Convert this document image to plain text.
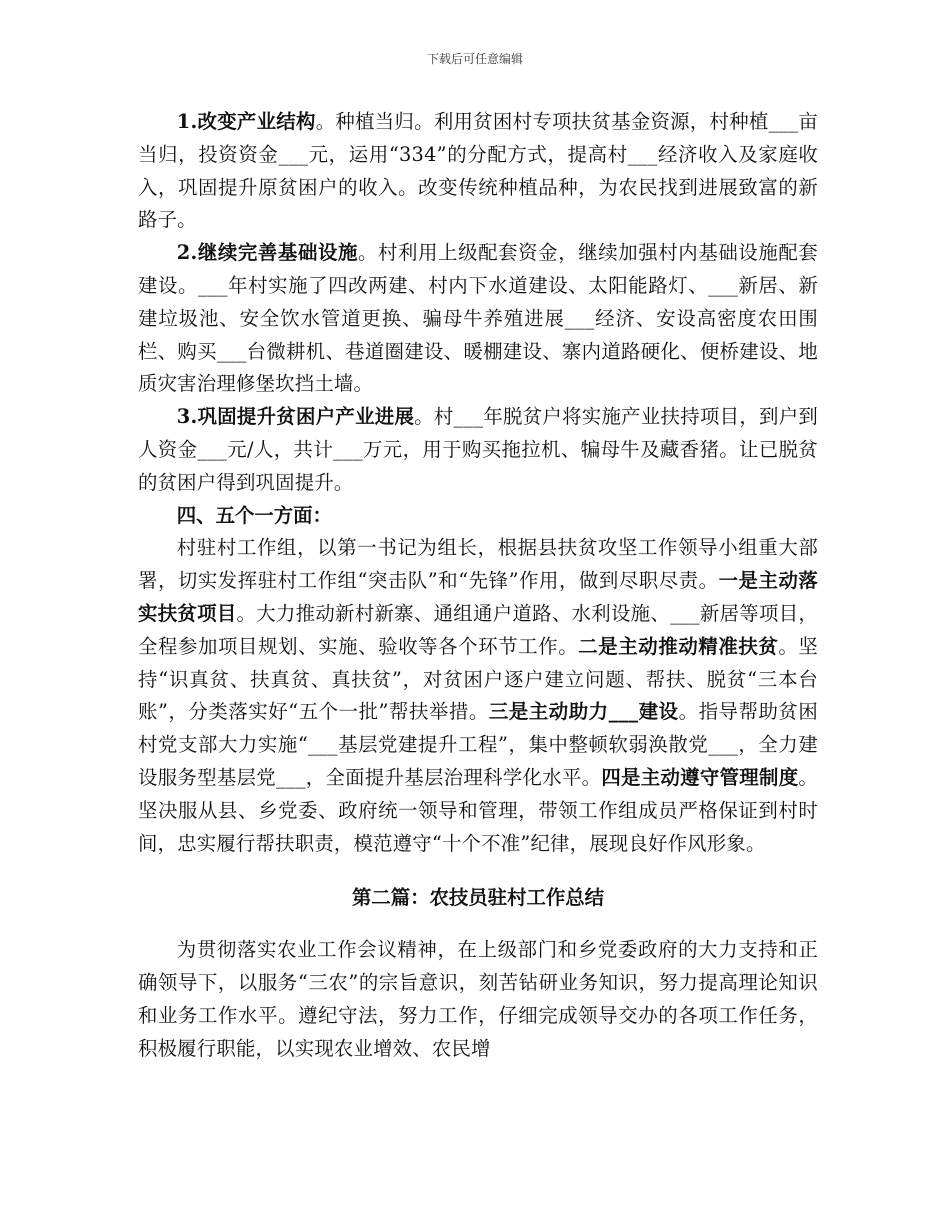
下载后可任意编辑

1.改变产业结构。种植当归。利用贫困村专项扶贫基金资源，村种植___亩当归，投资资金___元，运用“334”的分配方式，提高村___经济收入及家庭收入，巩固提升原贫困户的收入。改变传统种植品种，为农民找到进展致富的新路子。

2.继续完善基础设施。村利用上级配套资金，继续加强村内基础设施配套建设。___年村实施了四改两建、村内下水道建设、太阳能路灯、___新居、新建垃圾池、安全饮水管道更换、骗母牛养殖进展___经济、安设高密度农田围栏、购买___台微耕机、巷道圈建设、暖棚建设、寨内道路硬化、便桥建设、地质灾害治理修堡坎挡土墙。

3.巩固提升贫困户产业进展。村___年脱贫户将实施产业扶持项目，到户到人资金___元/人，共计___万元，用于购买拖拉机、犏母牛及藏香猪。让已脱贫的贫困户得到巩固提升。

四、五个一方面：

村驻村工作组，以第一书记为组长，根据县扶贫攻坚工作领导小组重大部署，切实发挥驻村工作组“突击队”和“先锋”作用，做到尽职尽责。一是主动落实扶贫项目。大力推动新村新寨、通组通户道路、水利设施、___新居等项目，全程参加项目规划、实施、验收等各个环节工作。二是主动推动精准扶贫。坚持“识真贫、扶真贫、真扶贫”，对贫困户逐户建立问题、帮扶、脱贫“三本台账”，分类落实好“五个一批”帮扶举措。三是主动助力___建设。指导帮助贫困村党支部大力实施“___基层党建提升工程”，集中整顿软弱涣散党___，全力建设服务型基层党___，全面提升基层治理科学化水平。四是主动遵守管理制度。坚决服从县、乡党委、政府统一领导和管理，带领工作组成员严格保证到村时间，忠实履行帮扶职责，模范遵守“十个不准”纪律，展现良好作风形象。

第二篇：农技员驻村工作总结

为贯彻落实农业工作会议精神，在上级部门和乡党委政府的大力支持和正确领导下，以服务“三农”的宗旨意识，刻苦钻研业务知识，努力提高理论知识和业务工作水平。遵纪守法，努力工作，仔细完成领导交办的各项工作任务，积极履行职能，以实现农业增效、农民增
